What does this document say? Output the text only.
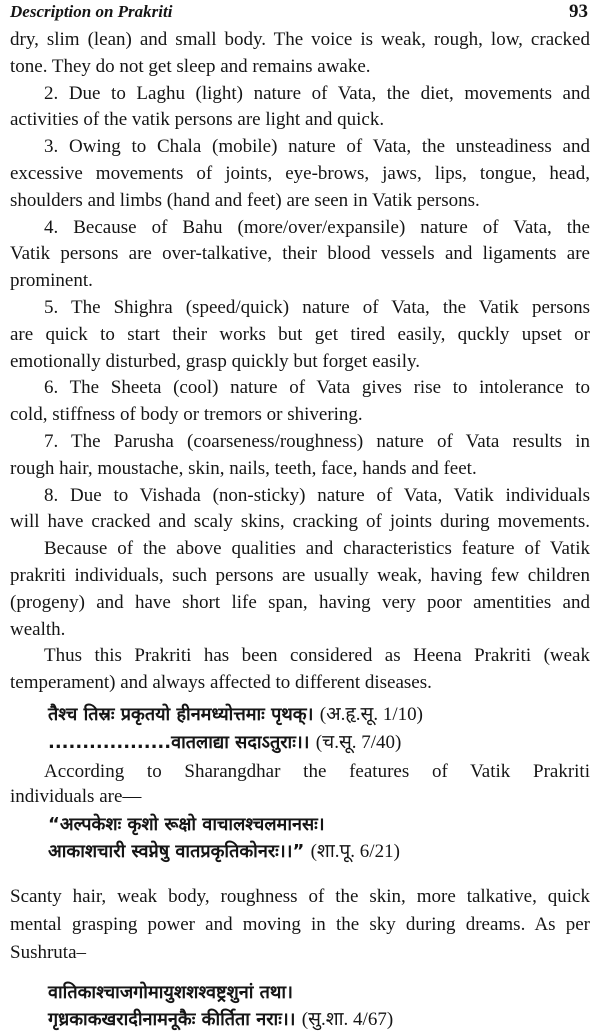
Description on Prakriti	93
dry, slim (lean) and small body. The voice is weak, rough, low, cracked
tone. They do not get sleep and remains awake.
2. Due to Laghu (light) nature of Vata, the diet, movements and
activities of the vatik persons are light and quick.
3. Owing to Chala (mobile) nature of Vata, the unsteadiness and
excessive movements of joints, eye-brows, jaws, lips, tongue, head,
shoulders and limbs (hand and feet) are seen in Vatik persons.
4. Because of Bahu (more/over/expansile) nature of Vata, the
Vatik persons are over-talkative, their blood vessels and ligaments are
prominent.
5. The Shighra (speed/quick) nature of Vata, the Vatik persons
are quick to start their works but get tired easily, quckly upset or
emotionally disturbed, grasp quickly but forget easily.
6. The Sheeta (cool) nature of Vata gives rise to intolerance to
cold, stiffness of body or tremors or shivering.
7. The Parusha (coarseness/roughness) nature of Vata results in
rough hair, moustache, skin, nails, teeth, face, hands and feet.
8. Due to Vishada (non-sticky) nature of Vata, Vatik individuals
will have cracked and scaly skins, cracking of joints during movements.
Because of the above qualities and characteristics feature of Vatik
prakriti individuals, such persons are usually weak, having few children
(progeny) and have short life span, having very poor amentities and
wealth.
Thus this Prakriti has been considered as Heena Prakriti (weak
temperament) and always affected to different diseases.
तैश्च तिस्रः प्रकृतयो हीनमध्योत्तमाः पृथक्। (अ.हृ.सू. 1/10)
..................वातलाद्या सदाऽतुराः।। (च.सू. 7/40)
According to Sharangdhar the features of Vatik Prakriti
individuals are—
“अल्पकेशः कृशो रूक्षो वाचालश्चलमानसः।
आकाशचारी स्वप्नेषु वातप्रकृतिकोनरः।।” (शा.पू. 6/21)
Scanty hair, weak body, roughness of the skin, more talkative, quick
mental grasping power and moving in the sky during dreams. As per
Sushruta–
वातिकाश्चाजगोमायुशशश्वष्ट्रशुनां तथा।
गृध्रकाकखरादीनामनूकैः कीर्तिता नराः।। (सु.शा. 4/67)
